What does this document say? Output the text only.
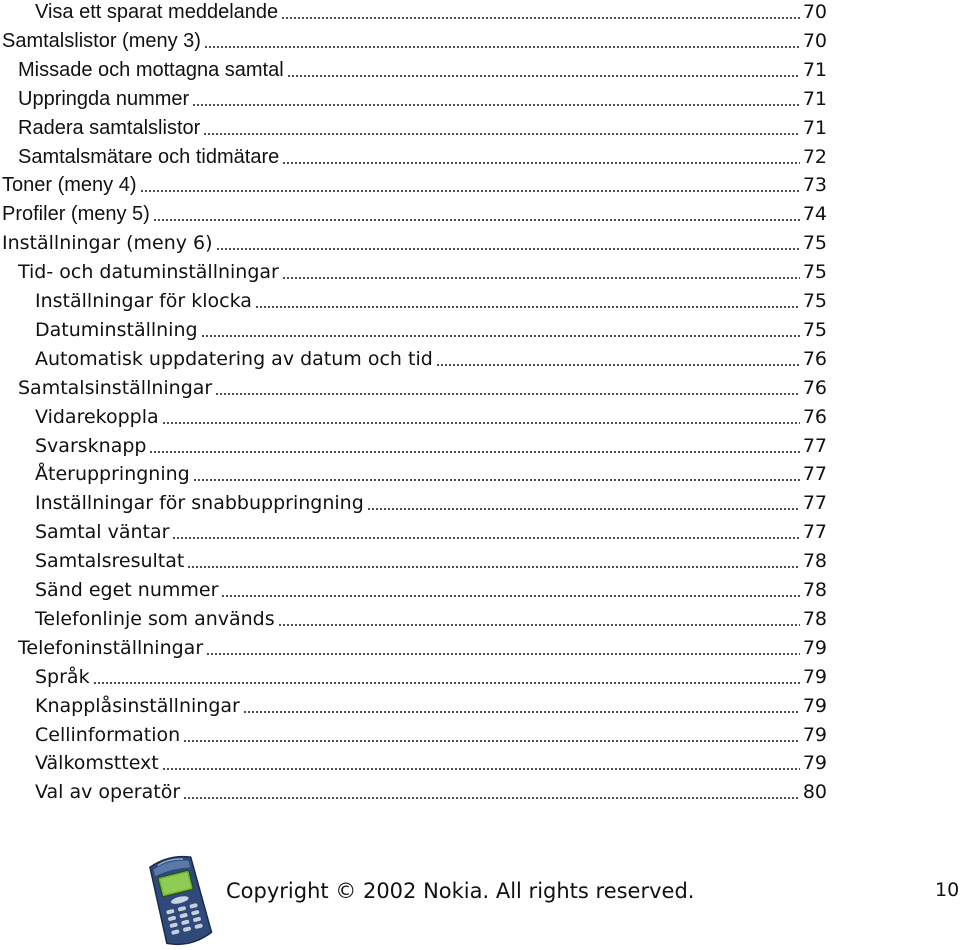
Visa ett sparat meddelande	70
Samtalslistor (meny 3)	70
Missade och mottagna samtal	71
Uppringda nummer	71
Radera samtalslistor	71
Samtalsmätare och tidmätare	72
Toner (meny 4)	73
Profiler (meny 5)	74
Inställningar (meny 6)	75
Tid- och datuminställningar	75
Inställningar för klocka	75
Datuminställning	75
Automatisk uppdatering av datum och tid	76
Samtalsinställningar	76
Vidarekoppla	76
Svarsknapp	77
Återuppringning	77
Inställningar för snabbuppringning	77
Samtal väntar	77
Samtalsresultat	78
Sänd eget nummer	78
Telefonlinje som används	78
Telefoninställningar	79
Språk	79
Knapplåsinställningar	79
Cellinformation	79
Välkomsttext	79
Val av operatör	80
Copyright © 2002 Nokia. All rights reserved.	10
